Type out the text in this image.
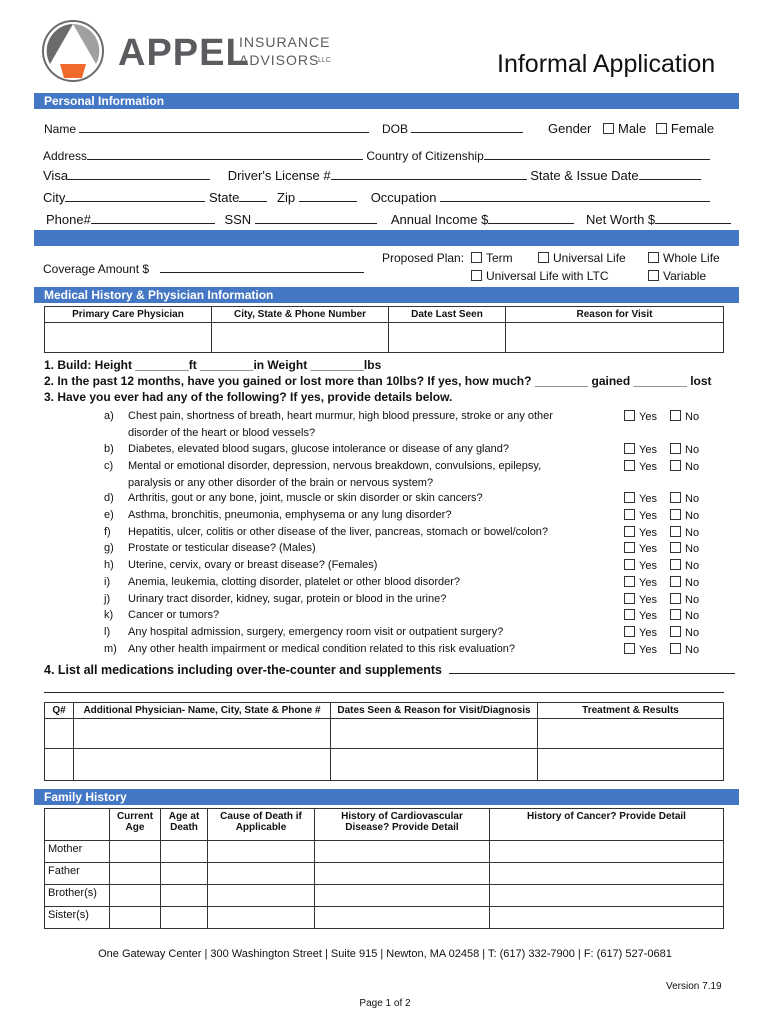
APPEL
INSURANCE
ADVISORS
LLC	Informal Application
Personal Information
Name	DOB	Gender Male Female
Address	Country of Citizenship
Visa	Driver's License #	State & Issue Date
City	State	Zip	Occupation
Phone#	SSN	Annual Income $	Net Worth $
Proposed Coverage
Coverage Amount $
Proposed Plan:	Term	Universal Life	Whole Life
Universal Life with LTC	Variable
Medical History & Physician Information
Primary Care Physician	City, State & Phone Number	Date Last Seen	Reason for Visit

1. Build: Height ________ft ________in Weight ________lbs
2. In the past 12 months, have you gained or lost more than 10lbs? If yes, how much? ________ gained ________ lost
3. Have you ever had any of the following? If yes, provide details below.
a) Chest pain, shortness of breath, heart murmur, high blood pressure, stroke or any other
disorder of the heart or blood vessels?
Yes	No
b) Diabetes, elevated blood sugars, glucose intolerance or disease of any gland?	Yes	No
c) Mental or emotional disorder, depression, nervous breakdown, convulsions, epilepsy,
paralysis or any other disorder of the brain or nervous system?
Yes	No
d) Arthritis, gout or any bone, joint, muscle or skin disorder or skin cancers?	Yes	No
e) Asthma, bronchitis, pneumonia, emphysema or any lung disorder?	Yes	No
f) Hepatitis, ulcer, colitis or other disease of the liver, pancreas, stomach or bowel/colon?	Yes	No
g) Prostate or testicular disease? (Males)	Yes	No
h) Uterine, cervix, ovary or breast disease? (Females)	Yes	No
i) Anemia, leukemia, clotting disorder, platelet or other blood disorder?	Yes	No
j) Urinary tract disorder, kidney, sugar, protein or blood in the urine?	Yes	No
k) Cancer or tumors?	Yes	No
l) Any hospital admission, surgery, emergency room visit or outpatient surgery?	Yes	No
m) Any other health impairment or medical condition related to this risk evaluation?	Yes	No
4. List all medications including over-the-counter and supplements
Q#	Additional Physician- Name, City, State & Phone #	Dates Seen & Reason for Visit/Diagnosis	Treatment & Results

Family History
	Current Age	Age at Death	Cause of Death if Applicable	History of Cardiovascular Disease? Provide Detail	History of Cancer? Provide Detail
Mother					
Father					
Brother(s)					
Sister(s)					
One Gateway Center | 300 Washington Street | Suite 915 | Newton, MA 02458 | T: (617) 332-7900 | F: (617) 527-0681
Version 7.19
Page 1 of 2
